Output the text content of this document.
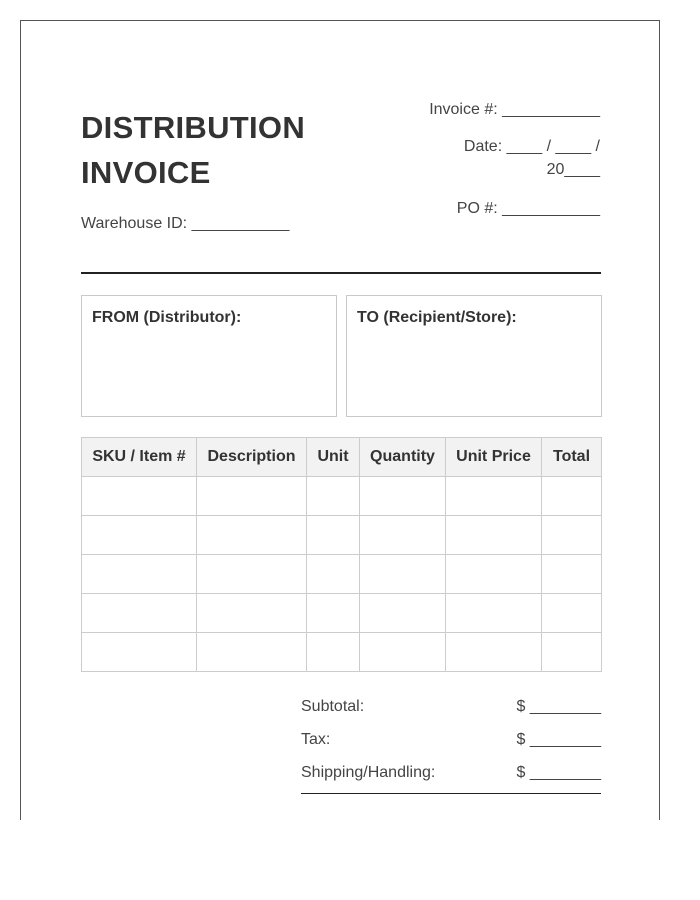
DISTRIBUTION
INVOICE
Warehouse ID: ___________
Invoice #: ___________
Date: ____ / ____ /
20____
PO #: ___________
FROM (Distributor):	TO (Recipient/Store):
SKU / Item #	Description	Unit	Quantity	Unit Price	Total

Subtotal:	$ ________
Tax:	$ ________
Shipping/Handling:	$ ________
